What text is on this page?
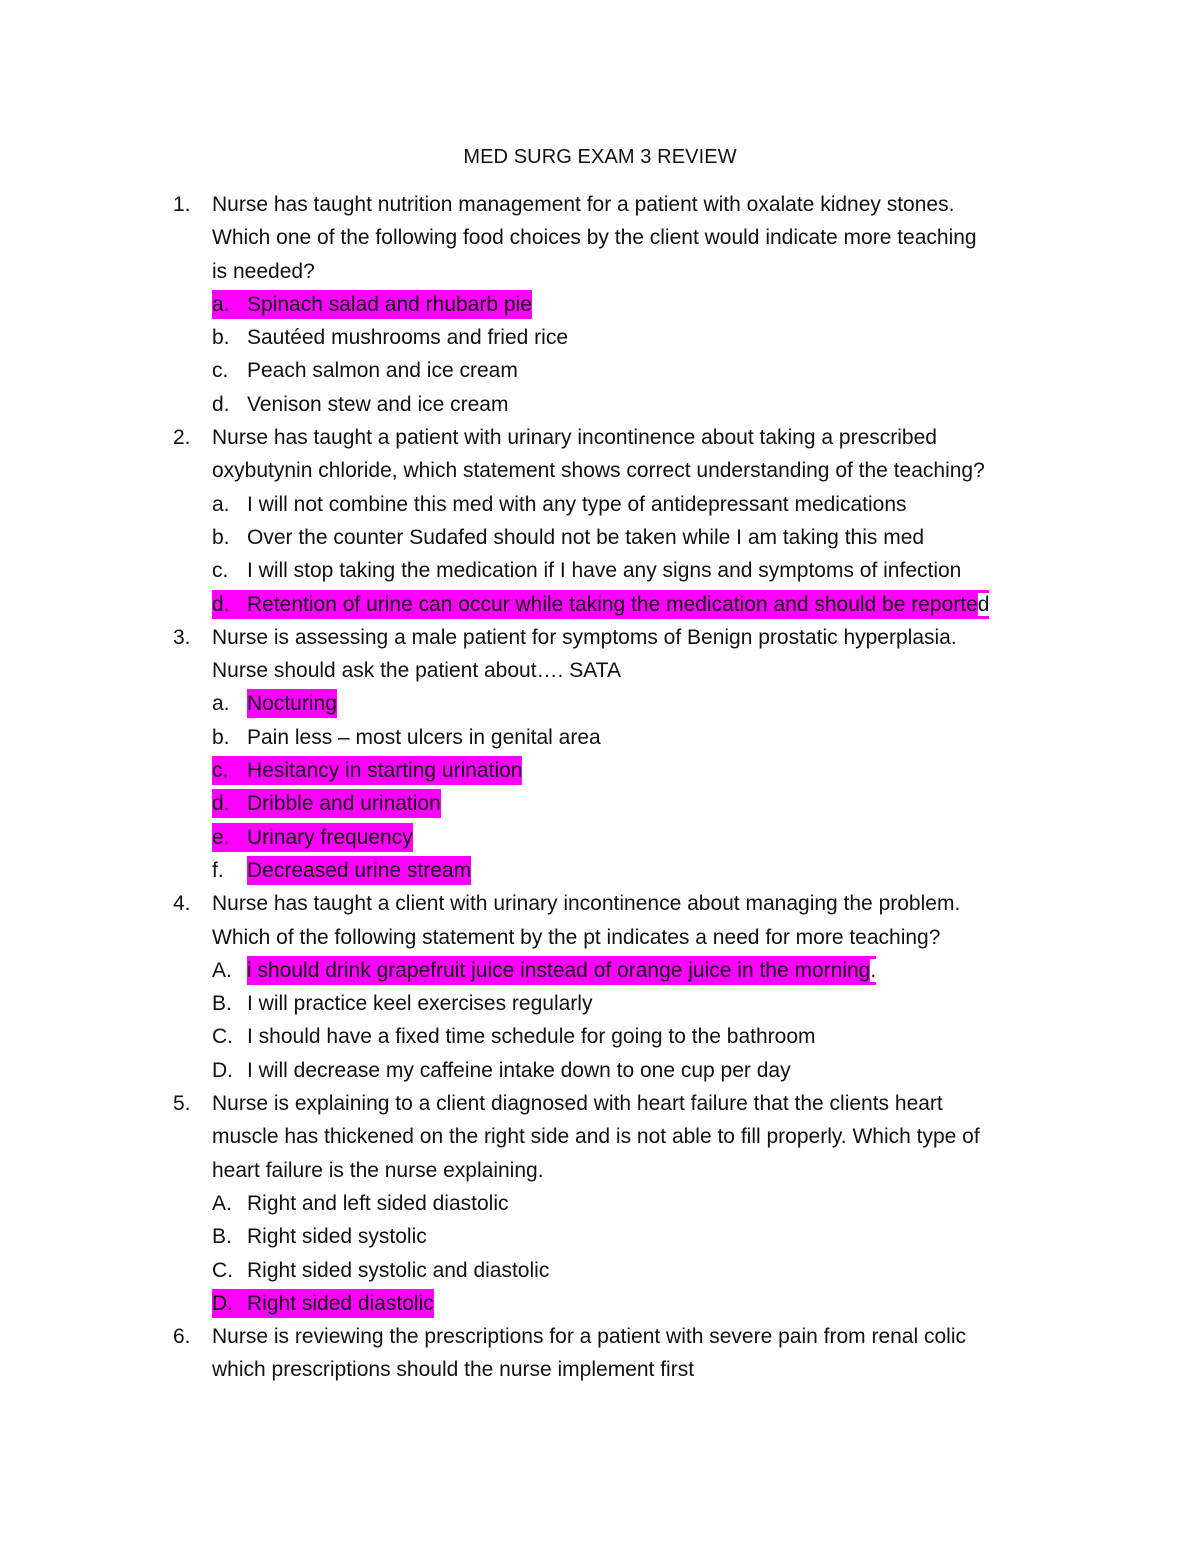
MED SURG EXAM 3 REVIEW
1. Nurse has taught nutrition management for a patient with oxalate kidney stones.
Which one of the following food choices by the client would indicate more teaching
is needed?
a. Spinach salad and rhubarb pie
b. Sautéed mushrooms and fried rice
c. Peach salmon and ice cream
d. Venison stew and ice cream
2. Nurse has taught a patient with urinary incontinence about taking a prescribed
oxybutynin chloride, which statement shows correct understanding of the teaching?
a. I will not combine this med with any type of antidepressant medications
b. Over the counter Sudafed should not be taken while I am taking this med
c. I will stop taking the medication if I have any signs and symptoms of infection
d. Retention of urine can occur while taking the medication and should be reported
3. Nurse is assessing a male patient for symptoms of Benign prostatic hyperplasia.
Nurse should ask the patient about…. SATA
a. Nocturing
b. Pain less – most ulcers in genital area
c. Hesitancy in starting urination
d. Dribble and urination
e. Urinary frequency
f.	Decreased urine stream
4. Nurse has taught a client with urinary incontinence about managing the problem.
Which of the following statement by the pt indicates a need for more teaching?
A. i should drink grapefruit juice instead of orange juice in the morning.
B. I will practice keel exercises regularly
C. I should have a fixed time schedule for going to the bathroom
D. I will decrease my caffeine intake down to one cup per day
5. Nurse is explaining to a client diagnosed with heart failure that the clients heart
muscle has thickened on the right side and is not able to fill properly. Which type of
heart failure is the nurse explaining.
A. Right and left sided diastolic
B. Right sided systolic
C. Right sided systolic and diastolic
D. Right sided diastolic
6. Nurse is reviewing the prescriptions for a patient with severe pain from renal colic
which prescriptions should the nurse implement first
